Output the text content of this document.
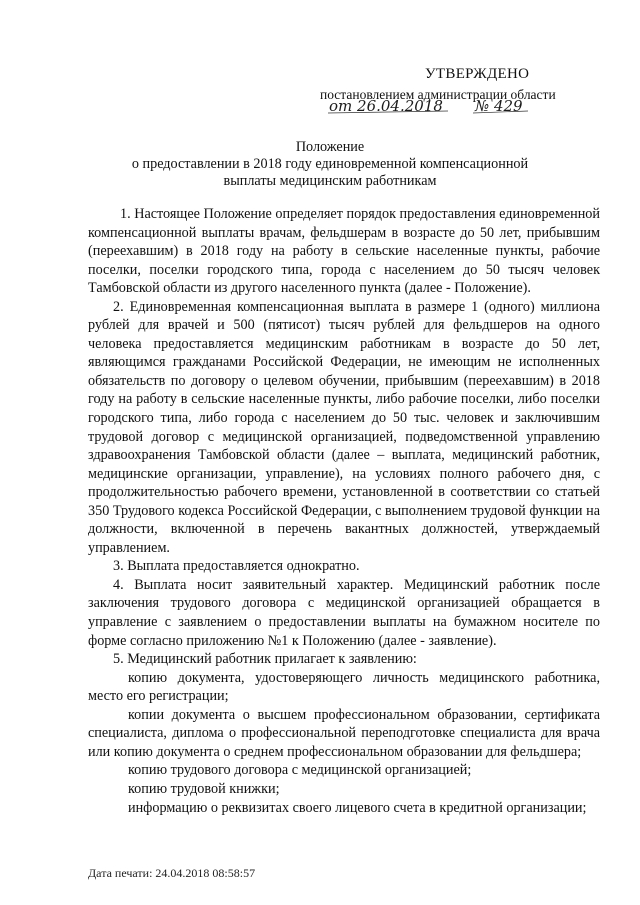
УТВЕРЖДЕНО
постановлением администрации области
от 26.04.2018 № 429
Положение
о предоставлении в 2018 году единовременной компенсационной
выплаты медицинским работникам

1. Настоящее Положение определяет порядок предоставления единовременной компенсационной выплаты врачам, фельдшерам в возрасте до 50 лет, прибывшим (переехавшим) в 2018 году на работу в сельские населенные пункты, рабочие поселки, поселки городского типа, города с населением до 50 тысяч человек Тамбовской области из другого населенного пункта (далее - Положение).

2. Единовременная компенсационная выплата в размере 1 (одного) миллиона рублей для врачей и 500 (пятисот) тысяч рублей для фельдшеров на одного человека предоставляется медицинским работникам в возрасте до 50 лет, являющимся гражданами Российской Федерации, не имеющим не исполненных обязательств по договору о целевом обучении, прибывшим (переехавшим) в 2018 году на работу в сельские населенные пункты, либо рабочие поселки, либо поселки городского типа, либо города с населением до 50 тыс. человек и заключившим трудовой договор с медицинской организацией, подведомственной управлению здравоохранения Тамбовской области (далее – выплата, медицинский работник, медицинские организации, управление), на условиях полного рабочего дня, с продолжительностью рабочего времени, установленной в соответствии со статьей 350 Трудового кодекса Российской Федерации, с выполнением трудовой функции на должности, включенной в перечень вакантных должностей, утверждаемый управлением.

3. Выплата предоставляется однократно.

4. Выплата носит заявительный характер. Медицинский работник после заключения трудового договора с медицинской организацией обращается в управление с заявлением о предоставлении выплаты на бумажном носителе по форме согласно приложению №1 к Положению (далее - заявление).

5. Медицинский работник прилагает к заявлению:

копию документа, удостоверяющего личность медицинского работника, место его регистрации;

копии документа о высшем профессиональном образовании, сертификата специалиста, диплома о профессиональной переподготовке специалиста для врача или копию документа о среднем профессиональном образовании для фельдшера;

копию трудового договора с медицинской организацией;

копию трудовой книжки;

информацию о реквизитах своего лицевого счета в кредитной организации;

Дата печати: 24.04.2018 08:58:57
